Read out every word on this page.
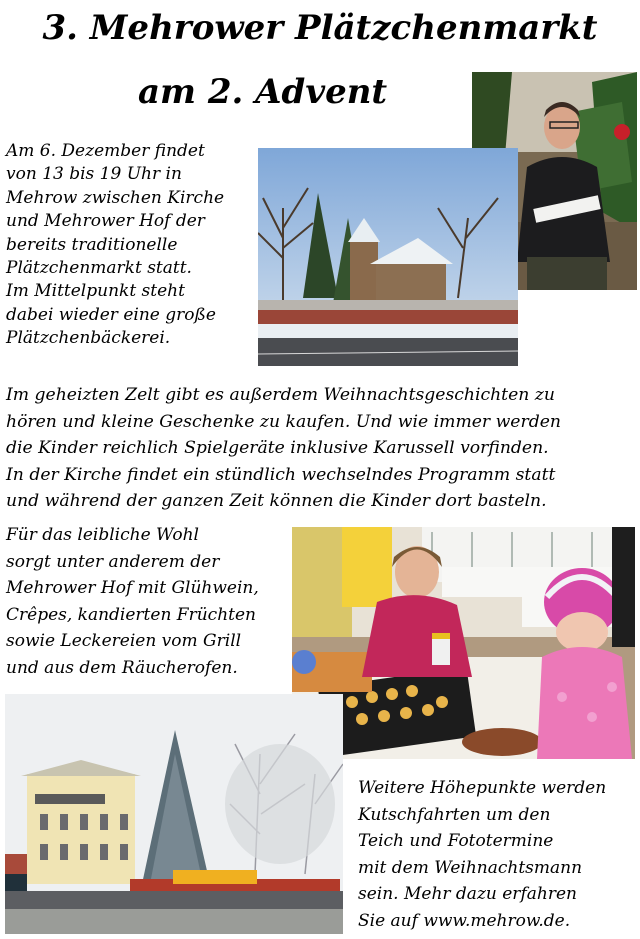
3. Mehrower Plätzchenmarkt
am 2. Advent
Am 6. Dezember findet
von 13 bis 19 Uhr in
Mehrow zwischen Kirche
und Mehrower Hof der
bereits traditionelle
Plätzchenmarkt statt.
Im Mittelpunkt steht
dabei wieder eine große
Plätzchenbäckerei.
Im geheizten Zelt gibt es außerdem Weihnachtsgeschichten zu
hören und kleine Geschenke zu kaufen. Und wie immer werden
die Kinder reichlich Spielgeräte inklusive Karussell vorfinden.
In der Kirche findet ein stündlich wechselndes Programm statt
und während der ganzen Zeit können die Kinder dort basteln.
Für das leibliche Wohl
sorgt unter anderem der
Mehrower Hof mit Glühwein,
Crêpes, kandierten Früchten
sowie Leckereien vom Grill
und aus dem Räucherofen.
Weitere Höhepunkte werden
Kutschfahrten um den
Teich und Fototermine
mit dem Weihnachtsmann
sein. Mehr dazu erfahren
Sie auf www.mehrow.de.
